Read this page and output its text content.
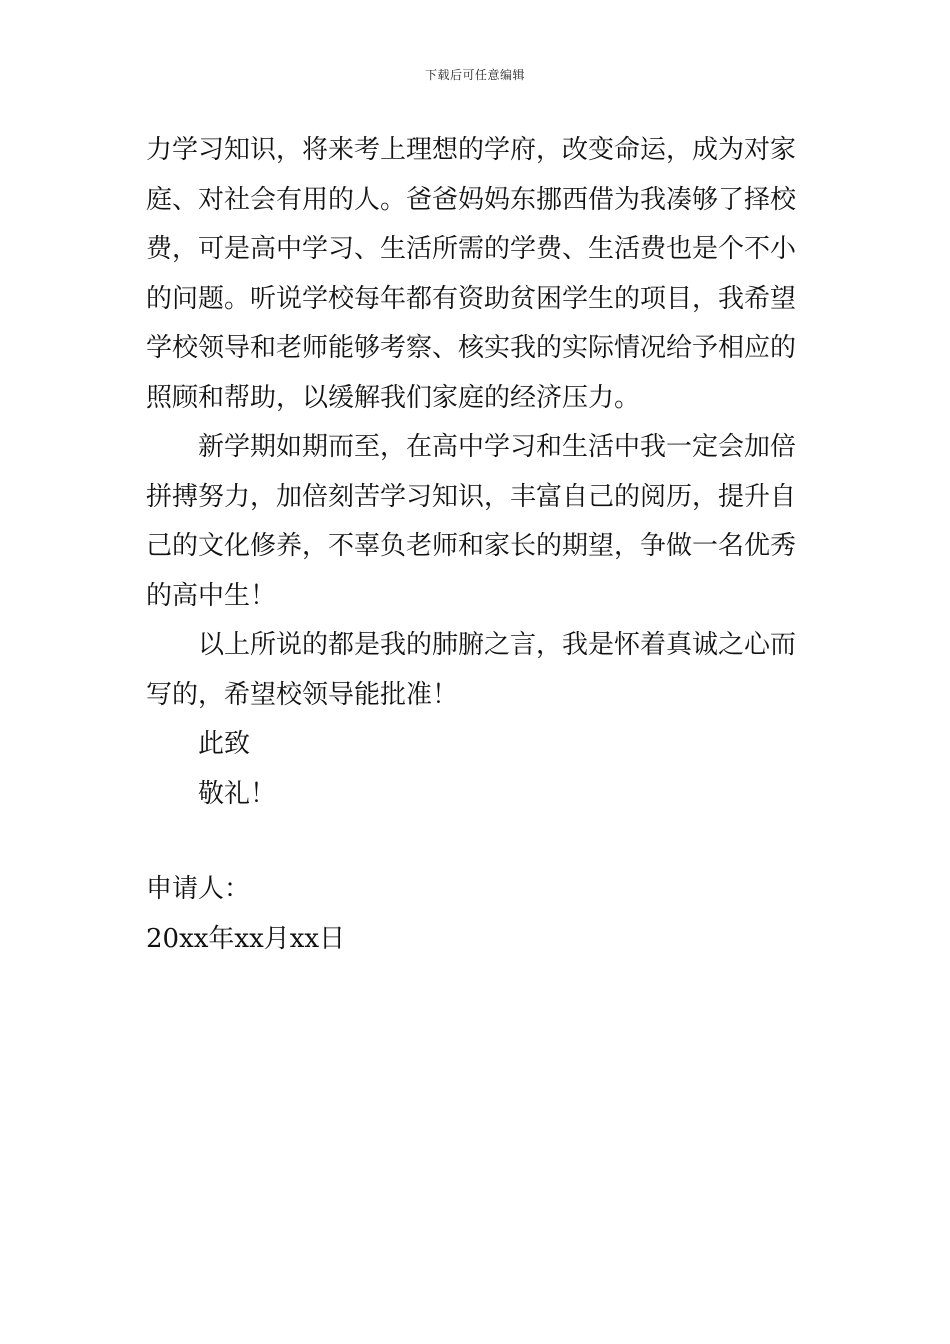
下载后可任意编辑
力学习知识，将来考上理想的学府，改变命运，成为对家
庭、对社会有用的人。爸爸妈妈东挪西借为我凑够了择校
费，可是高中学习、生活所需的学费、生活费也是个不小
的问题。听说学校每年都有资助贫困学生的项目，我希望
学校领导和老师能够考察、核实我的实际情况给予相应的
照顾和帮助，以缓解我们家庭的经济压力。
新学期如期而至，在高中学习和生活中我一定会加倍
拼搏努力，加倍刻苦学习知识，丰富自己的阅历，提升自
己的文化修养，不辜负老师和家长的期望，争做一名优秀
的高中生！
以上所说的都是我的肺腑之言，我是怀着真诚之心而
写的，希望校领导能批准！
此致
敬礼！
申请人：
20xx年xx月xx日
